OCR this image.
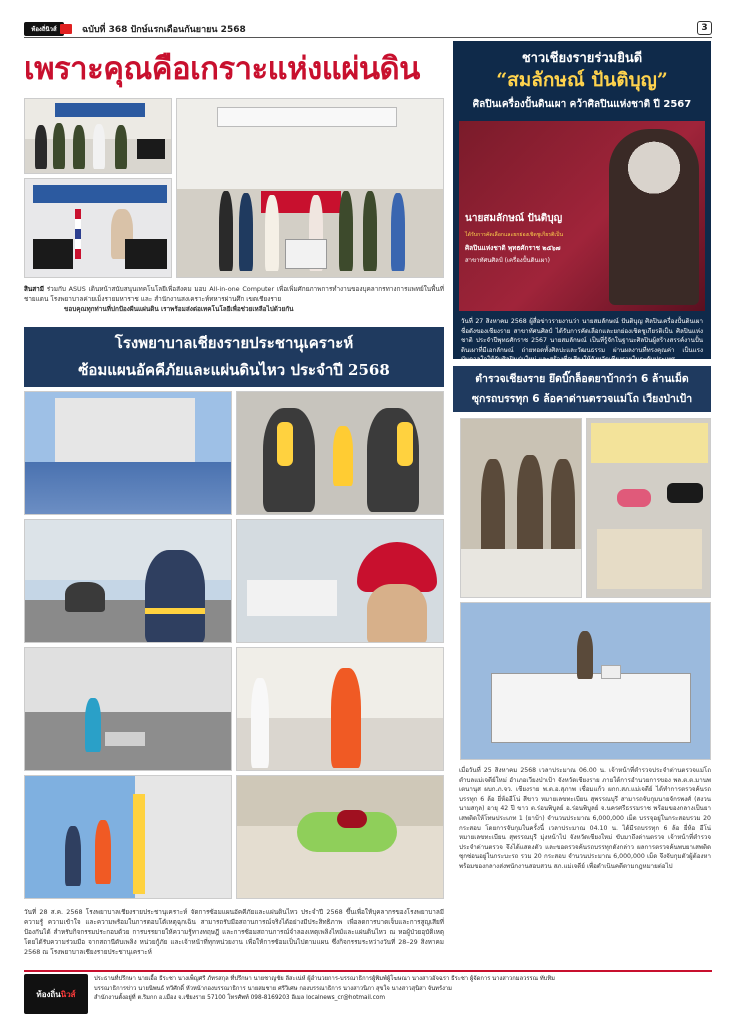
ท้องถิ่นิวส์	ฉบับที่ 368 ปักษ์แรกเดือนกันยายน 2568	3
เพราะคุณคือเกราะแห่งแผ่นดิน
สินสามี ร่วมกับ ASUS เดินหน้าสนับสนุนเทคโนโลยีเพื่อสังคม มอบ All-in-one Computer เพื่อเพิ่มศักยภาพการทำงานของบุคลากรทางการแพทย์ในพื้นที่ชายแดน โรงพยาบาลค่ายเม็งรายมหาราช และ สำนักงานสงเคราะห์ทหารผ่านศึก เขตเชียงราย
ขอบคุณทุกท่านที่ปกป้องผืนแผ่นดิน เราพร้อมส่งต่อเทคโนโลยีเพื่อช่วยเหลือไปด้วยกัน
โรงพยาบาลเชียงรายประชานุเคราะห์
ซ้อมแผนอัคคีภัยและแผ่นดินไหว ประจำปี 2568
วันที่ 28 ส.ค. 2568 โรงพยาบาลเชียงรายประชานุเคราะห์ จัดการซ้อมแผนอัคคีภัยและแผ่นดินไหว ประจำปี 2568 ขึ้นเพื่อให้บุคลากรของโรงพยาบาลมีความรู้ ความเข้าใจ และความพร้อมในการตอบโต้เหตุฉุกเฉิน สามารถรับมือสถานการณ์จริงได้อย่างมีประสิทธิภาพ เพื่อลดการบาดเจ็บและการสูญเสียที่ป้องกันได้ สำหรับกิจกรรมประกอบด้วย การบรรยายให้ความรู้ทางทฤษฎี และการซ้อมสถานการณ์จำลองเหตุเพลิงไหม้และแผ่นดินไหว ณ หอผู้ป่วยอุบัติเหตุ โดยได้รับความร่วมมือ จากสถานีดับเพลิง หน่วยกู้ภัย และเจ้าหน้าที่ทุกหน่วยงาน เพื่อให้การซ้อมเป็นไปตามแผน ซึ่งกิจกรรมระหว่างวันที่ 28–29 สิงหาคม 2568 ณ โรงพยาบาลเชียงรายประชานุเคราะห์
ชาวเชียงรายร่วมยินดี
“สมลักษณ์ ปันติบุญ”
ศิลปินเครื่องปั้นดินเผา คว้าศิลปินแห่งชาติ ปี 2567
นายสมลักษณ์ ปันติบุญ
ได้รับการคัดเลือกและยกย่องเชิดชูเกียรติเป็น
ศิลปินแห่งชาติ พุทธศักราช ๒๕๖๗
สาขาทัศนศิลป์ (เครื่องปั้นดินเผา)
วันที่ 27 สิงหาคม 2568 ผู้สื่อข่าวรายงานว่า นายสมลักษณ์ ปันติบุญ ศิลปินเครื่องปั้นดินเผาชื่อดังของเชียงราย สาขาทัศนศิลป์ ได้รับการคัดเลือกและยกย่องเชิดชูเกียรติเป็น ศิลปินแห่งชาติ ประจำปีพุทธศักราช 2567 นายสมลักษณ์ เป็นที่รู้จักในฐานะศิลปินผู้สร้างสรรค์งานปั้นดินเผาที่มีเอกลักษณ์ ถ่ายทอดทั้งศิลปะและวัฒนธรรม ผ่านผลงานที่ทรงคุณค่า เป็นแรงบันดาลใจให้กับศิลปินรุ่นใหม่ และสร้างชื่อเสียงให้จังหวัดเชียงรายในระดับประเทศ
ตำรวจเชียงราย ยึดบิ๊กล็อตยาบ้ากว่า 6 ล้านเม็ด
ซุกรถบรรทุก 6 ล้อคาด่านตรวจแม่โถ เวียงป่าเป้า
เมื่อวันที่ 25 สิงหาคม 2568 เวลาประมาณ 06.00 น. เจ้าหน้าที่ตำรวจประจำด่านตรวจแม่โถ ตำบลแม่เจดีย์ใหม่ อำเภอเวียงป่าเป้า จังหวัดเชียงราย ภายใต้การอำนวยการของ พล.ต.ต.มานพ เตนานุส ผบก.ภ.จว. เชียงราย พ.ต.อ.สุภาพ เชื่อมแก้ว ผกก.สภ.แม่เจดีย์ ได้ทำการตรวจค้นรถบรรทุก 6 ล้อ ยี่ห้อฮีโน่ สีขาว หมายเลขทะเบียน สุพรรณบุรี สามารถจับกุมนายจักรพงศ์ (สงวนนามสกุล) อายุ 42 ปี ขาว ต.ร่อนพิบูลย์ อ.ร่อนพิบูลย์ จ.นครศรีธรรมราช พร้อมของกลางเป็นยาเสพติดให้โทษประเภท 1 (ยาบ้า) จำนวนประมาณ 6,000,000 เม็ด บรรจุอยู่ในกระสอบรวม 20 กระสอบ โดยการจับกุมในครั้งนี้ เวลาประมาณ 04.10 น. ได้มีรถบรรทุก 6 ล้อ ยี่ห้อ ฮีโน่ หมายเลขทะเบียน สุพรรณบุรี มุ่งหน้าไป จังหวัดเชียงใหม่ ขับมาถึงด่านตรวจ เจ้าหน้าที่ตำรวจประจำด่านตรวจ จึงได้แสดงตัว และขอตรวจค้นรถบรรทุกดังกล่าว ผลการตรวจค้นพบยาเสพติดซุกซ่อนอยู่ในกระบะรถ รวม 20 กระสอบ จำนวนประมาณ 6,000,000 เม็ด จึงจับกุมตัวผู้ต้องหาพร้อมของกลางส่งพนักงานสอบสวน สภ.แม่เจดีย์ เพื่อดำเนินคดีตามกฎหมายต่อไป
ท้องถิ่น นิวส์
ประธานที่ปรึกษา นายเอื้อ ธีระชา นางเพ็ญศรี ภัทรสกุล ที่ปรึกษา นายชาญชัย ลีสะเน่ห์ ผู้อำนวยการ-บรรณาธิการผู้พิมพ์ผู้โฆษณา นางสาวอัจฉรา ธีระชา ผู้จัดการ นางสาวกมลวรรณ ทับทิม
บรรณาธิการข่าว นายนิพนธ์ ทวีศักดิ์ หัวหน้ากองบรรณาธิการ นายสมชาย ศรีวิเศษ กองบรรณาธิการ นางสาวนิภา สุขใจ นางสาวสุนิสา จันทร์งาม
สำนักงานตั้งอยู่ที่ ต.ริมกก อ.เมือง จ.เชียงราย 57100 โทรศัพท์ 098-8169203 อีเมล localnews_cr@hotmail.com
